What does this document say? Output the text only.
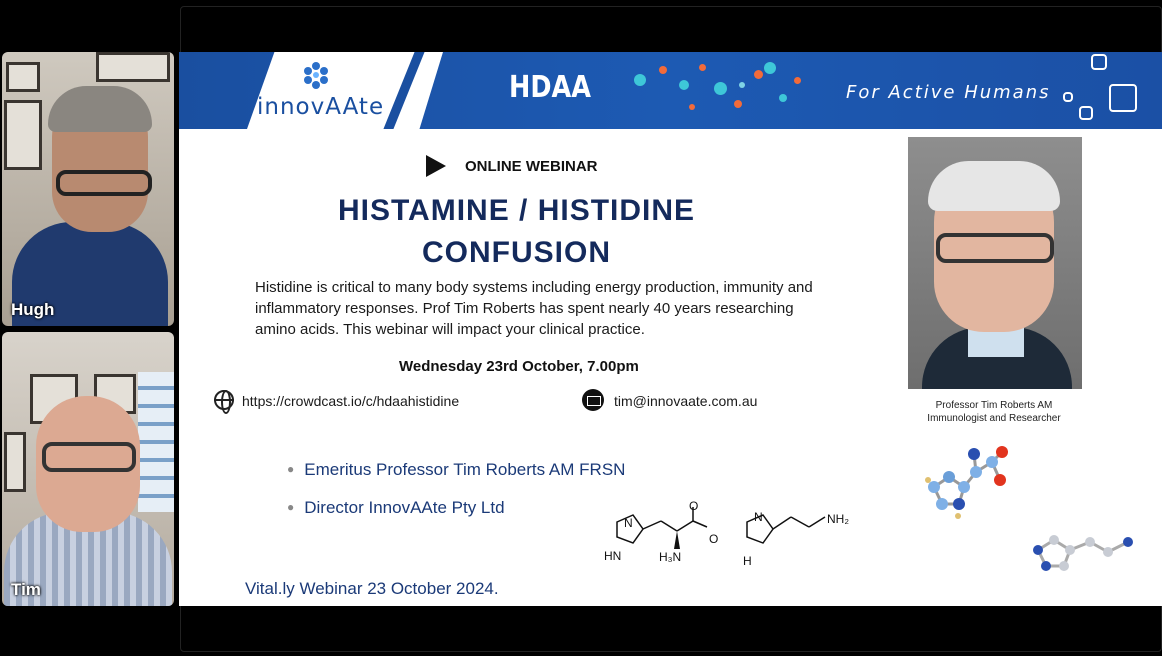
Hugh
Tim
innovAAte
HDAA	For Active Humans
ONLINE WEBINAR
HISTAMINE / HISTIDINE
CONFUSION
Histidine is critical to many body systems including energy production, immunity and inflammatory responses. Prof Tim Roberts has spent nearly 40 years researching amino acids. This webinar will impact your clinical practice.
Wednesday 23rd October, 7.00pm
https://crowdcast.io/c/hdaahistidine	tim@innovaate.com.au
● Emeritus Professor Tim Roberts AM FRSN
● Director InnovAAte Pty Ltd
N
HN
O
O
H₃N
N
H
NH₂
Vital.ly Webinar 23 October 2024.
Professor Tim Roberts AM
Immunologist and Researcher
